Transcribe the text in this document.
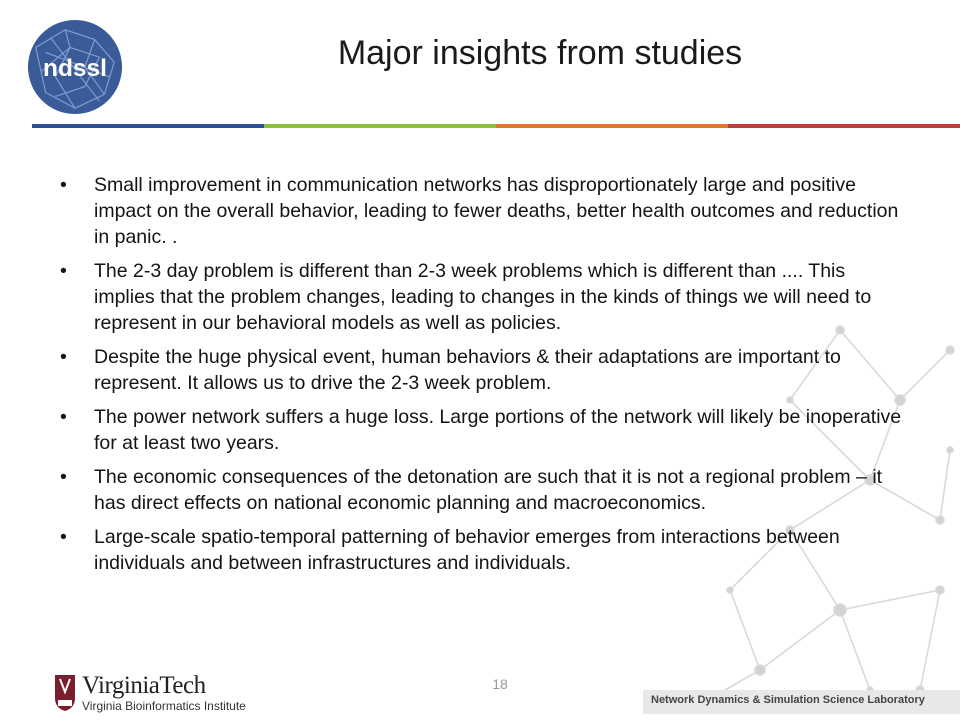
ndssl	Major insights from studies
• Small improvement in communication networks has disproportionately large and positive impact on the overall behavior, leading to fewer deaths, better health outcomes and reduction in panic. .
• The 2-3 day problem is different than 2-3 week problems which is different than .... This implies that the problem changes, leading to changes in the kinds of things we will need to represent in our behavioral models as well as policies.
• Despite the huge physical event, human behaviors & their adaptations are important to represent. It allows us to drive the 2-3 week problem.
• The power network suffers a huge loss. Large portions of the network will likely be inoperative for at least two years.
• The economic consequences of the detonation are such that it is not a regional problem – it has direct effects on national economic planning and macroeconomics.
• Large-scale spatio-temporal patterning of behavior emerges from interactions between individuals and between infrastructures and individuals.
VirginiaTech
Virginia Bioinformatics Institute
18
Network Dynamics & Simulation Science Laboratory
